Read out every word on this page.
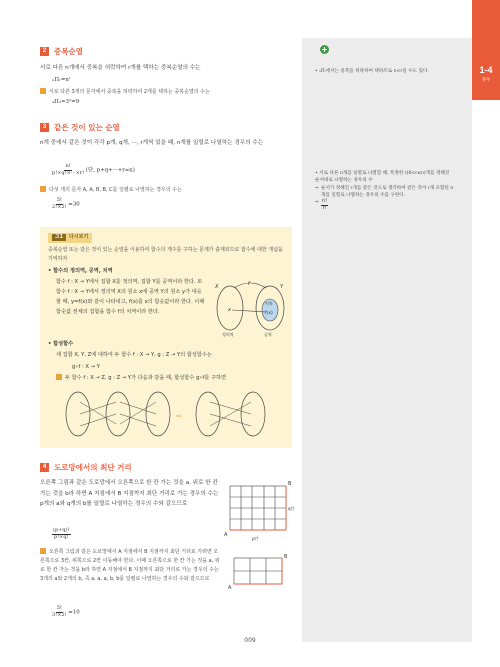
• ₙΠᵣ에서는 중복을 허락하여 택하므로 n<r일 수도 있다.
• 서로 다른 n개를 일렬로 나열할 때, 특정한 r(0<r≤n)개를 정해진 순서대로 나열하는 경우의 수
⇨ 순서가 정해진 r개를 같은 것으로 생각하여 같은 것이 r개 포함된 n개를 일렬로 나열하는 경우의 수를 구한다.
⇨ $\frac{n!}{r!}$
1-4
경우
2	중복순열
서로 다른 n개에서 중복을 허락하여 r개를 택하는 중복순열의 수는
ₙΠᵣ=nʳ
서로 다른 3개의 문자에서 중복을 허락하여 2개를 택하는 중복순열의 수는
₃Π₂=3²=9
3	같은 것이 있는 순열
n개 중에서 같은 것이 각각 p개, q개, ···, r개씩 있을 때, n개를 일렬로 나열하는 경우의 수는
$\frac{n!}{p!\times q!\times\cdot\cdot\cdot\times r!}$ (단, p+q+···+r=n)
다섯 개의 문자 A, A, B, B, C를 일렬로 나열하는 경우의 수는
$\frac{5!}{2!\times 2!} =30$
고1	다시보기
중복순열 또는 같은 것이 있는 순열을 이용하여 함수의 개수를 구하는 문제가 출제되므로 함수에 대한 개념을 기억하자
• 함수의 정의역, 공역, 치역
함수 f : X → Y에서 집합 X를 정의역, 집합 Y를 공역이라 한다. 또 함수 f : X → Y에서 정의역 X의 원소 x에 공역 Y의 원소 y가 대응할 때, y=f(x)와 같이 나타내고, f(x)를 x의 함숫값이라 한다. 이때 함숫값 전체의 집합을 함수 f의 치역이라 한다.	x
f(x)
치역
f
X	Y
정의역	공역
• 합성함수
세 집합 X, Y, Z에 대하여 두 함수 f : X → Y, g : Z → Y의 합성함수는
g∘f : X → Y
두 함수 f : X → Z, g : Z → Y가 다음과 같을 때, 합성함수 g∘f를 구하면
⇨
4	도로망에서의 최단 거리
오른쪽 그림과 같은 도로망에서 오른쪽으로 한 칸 가는 것을 a, 위로 한 칸 가는 것을 b라 하면 A 지점에서 B 지점까지 최단 거리로 가는 경우의 수는 p개의 a와 q개의 b를 일렬로 나열하는 경우의 수와 같으므로
$\frac{(p+q)!}{p!\times q!}$
오른쪽 그림과 같은 도로망에서 A 지점에서 B 지점까지 최단 거리로 가려면 오른쪽으로 3칸, 위쪽으로 2칸 이동해야 한다. 이때 오른쪽으로 한 칸 가는 것을 a, 위로 한 칸 가는 것을 b라 하면 A 지점에서 B 지점까지 최단 거리로 가는 경우의 수는 3개의 a와 2개의 b, 즉 a, a, a, b, b를 일렬로 나열하는 경우의 수와 같으므로
$\frac{5!}{3!\times 2!} =10$
A
B
q칸
p칸
A
B
009
